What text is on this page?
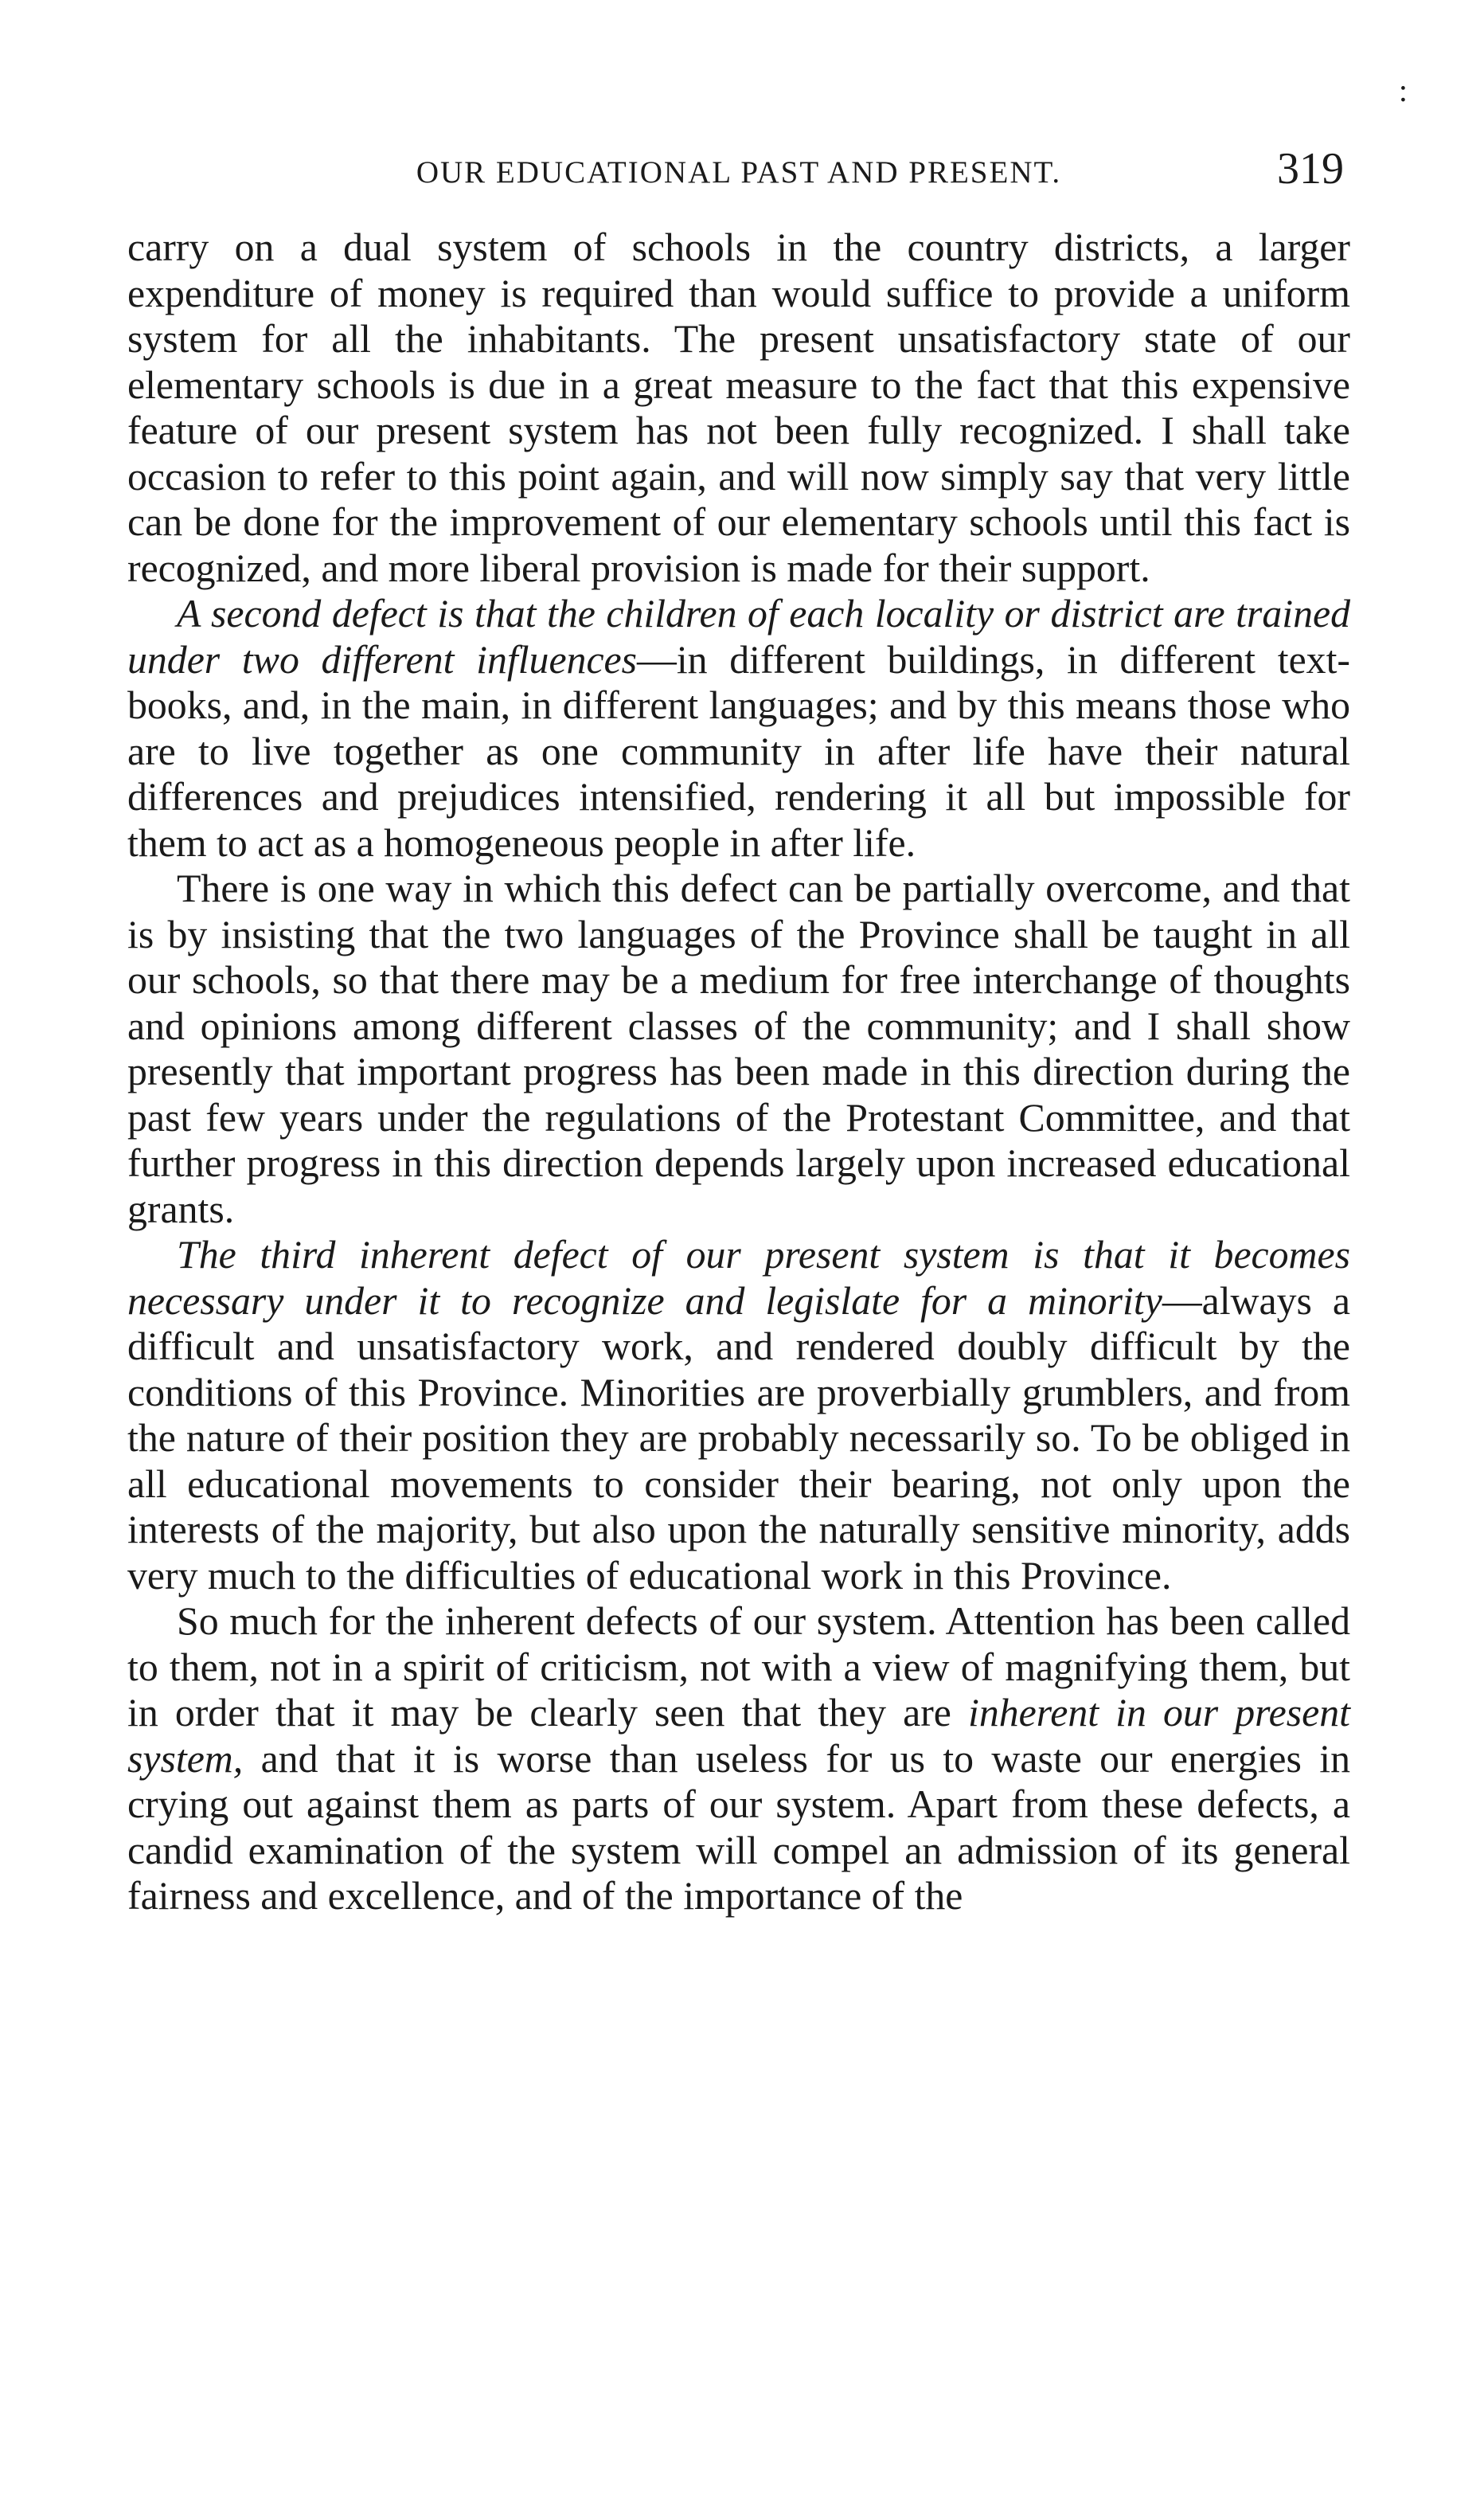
:
OUR EDUCATIONAL PAST AND PRESENT.	319

carry on a dual system of schools in the country districts, a larger expenditure of money is required than would suffice to provide a uniform system for all the inhabitants. The present unsatisfactory state of our elementary schools is due in a great measure to the fact that this expensive feature of our present system has not been fully recognized. I shall take occasion to refer to this point again, and will now simply say that very little can be done for the improvement of our elementary schools until this fact is recognized, and more liberal provision is made for their support.

A second defect is that the children of each locality or district are trained under two different influences—in different buildings, in different text-books, and, in the main, in different languages; and by this means those who are to live together as one community in after life have their natural differences and prejudices intensified, rendering it all but impossible for them to act as a homogeneous people in after life.

There is one way in which this defect can be partially overcome, and that is by insisting that the two languages of the Province shall be taught in all our schools, so that there may be a medium for free interchange of thoughts and opinions among different classes of the community; and I shall show presently that important progress has been made in this direction during the past few years under the regulations of the Protestant Committee, and that further progress in this direction depends largely upon increased educational grants.

The third inherent defect of our present system is that it becomes necessary under it to recognize and legislate for a minority—always a difficult and unsatisfactory work, and rendered doubly difficult by the conditions of this Province. Minorities are proverbially grumblers, and from the nature of their position they are probably necessarily so. To be obliged in all educational movements to consider their bearing, not only upon the interests of the majority, but also upon the naturally sensitive minority, adds very much to the difficulties of educational work in this Province.

So much for the inherent defects of our system. Attention has been called to them, not in a spirit of criticism, not with a view of magnifying them, but in order that it may be clearly seen that they are inherent in our present system, and that it is worse than useless for us to waste our energies in crying out against them as parts of our system. Apart from these defects, a candid examination of the system will compel an admission of its general fairness and excellence, and of the importance of the
